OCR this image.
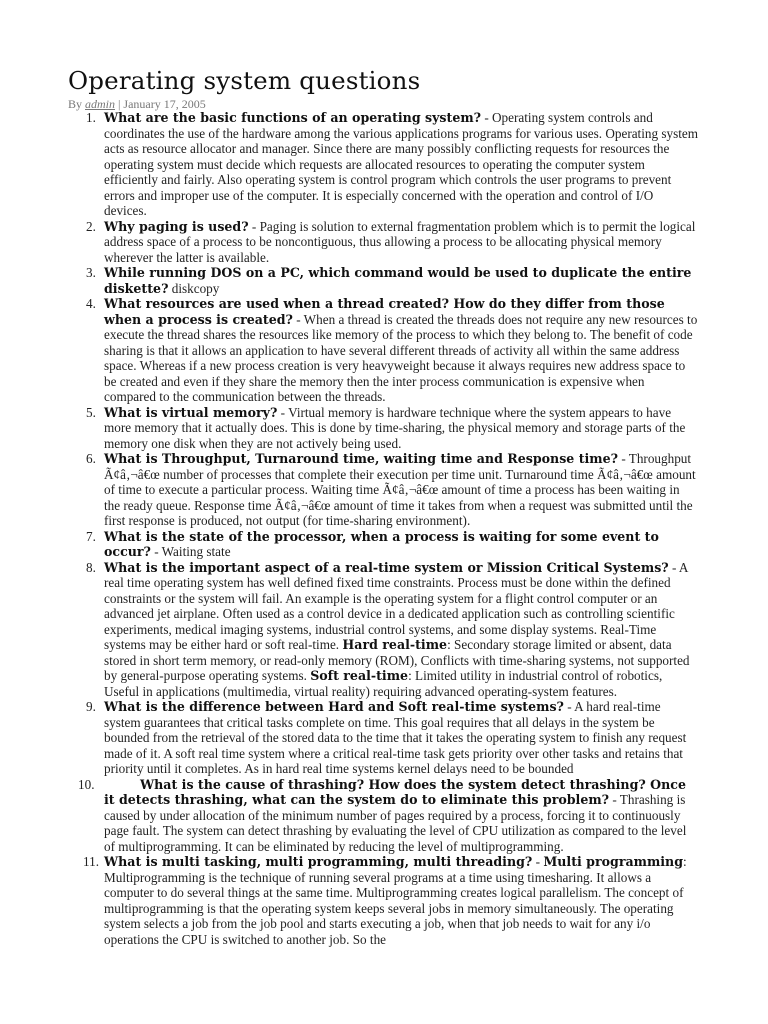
Operating system questions
By admin | January 17, 2005
1. What are the basic functions of an operating system? - Operating system controls and coordinates the use of the hardware among the various applications programs for various uses. Operating system acts as resource allocator and manager. Since there are many possibly conflicting requests for resources the operating system must decide which requests are allocated resources to operating the computer system efficiently and fairly. Also operating system is control program which controls the user programs to prevent errors and improper use of the computer. It is especially concerned with the operation and control of I/O devices.
2. Why paging is used? - Paging is solution to external fragmentation problem which is to permit the logical address space of a process to be noncontiguous, thus allowing a process to be allocating physical memory wherever the latter is available.
3. While running DOS on a PC, which command would be used to duplicate the entire diskette? diskcopy
4. What resources are used when a thread created? How do they differ from those when a process is created? - When a thread is created the threads does not require any new resources to execute the thread shares the resources like memory of the process to which they belong to. The benefit of code sharing is that it allows an application to have several different threads of activity all within the same address space. Whereas if a new process creation is very heavyweight because it always requires new address space to be created and even if they share the memory then the inter process communication is expensive when compared to the communication between the threads.
5. What is virtual memory? - Virtual memory is hardware technique where the system appears to have more memory that it actually does. This is done by time-sharing, the physical memory and storage parts of the memory one disk when they are not actively being used.
6. What is Throughput, Turnaround time, waiting time and Response time? - Throughput Ã¢â‚¬â€œ number of processes that complete their execution per time unit. Turnaround time Ã¢â‚¬â€œ amount of time to execute a particular process. Waiting time Ã¢â‚¬â€œ amount of time a process has been waiting in the ready queue. Response time Ã¢â‚¬â€œ amount of time it takes from when a request was submitted until the first response is produced, not output (for time-sharing environment).
7. What is the state of the processor, when a process is waiting for some event to occur? - Waiting state
8. What is the important aspect of a real-time system or Mission Critical Systems? - A real time operating system has well defined fixed time constraints. Process must be done within the defined constraints or the system will fail. An example is the operating system for a flight control computer or an advanced jet airplane. Often used as a control device in a dedicated application such as controlling scientific experiments, medical imaging systems, industrial control systems, and some display systems. Real-Time systems may be either hard or soft real-time. Hard real-time: Secondary storage limited or absent, data stored in short term memory, or read-only memory (ROM), Conflicts with time-sharing systems, not supported by general-purpose operating systems. Soft real-time: Limited utility in industrial control of robotics, Useful in applications (multimedia, virtual reality) requiring advanced operating-system features.
9. What is the difference between Hard and Soft real-time systems? - A hard real-time system guarantees that critical tasks complete on time. This goal requires that all delays in the system be bounded from the retrieval of the stored data to the time that it takes the operating system to finish any request made of it. A soft real time system where a critical real-time task gets priority over other tasks and retains that priority until it completes. As in hard real time systems kernel delays need to be bounded
10.	What is the cause of thrashing? How does the system detect thrashing? Once it detects thrashing, what can the system do to eliminate this problem? - Thrashing is caused by under allocation of the minimum number of pages required by a process, forcing it to continuously page fault. The system can detect thrashing by evaluating the level of CPU utilization as compared to the level of multiprogramming. It can be eliminated by reducing the level of multiprogramming.
11. What is multi tasking, multi programming, multi threading? - Multi programming: Multiprogramming is the technique of running several programs at a time using timesharing. It allows a computer to do several things at the same time. Multiprogramming creates logical parallelism. The concept of multiprogramming is that the operating system keeps several jobs in memory simultaneously. The operating system selects a job from the job pool and starts executing a job, when that job needs to wait for any i/o operations the CPU is switched to another job. So the
